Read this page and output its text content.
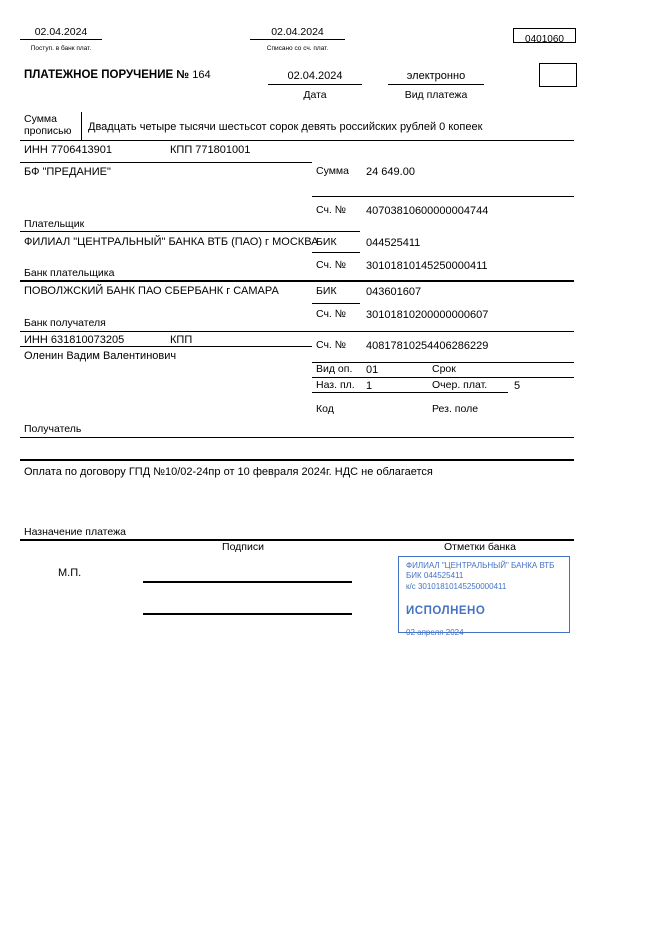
02.04.2024
Поступ. в банк плат.
02.04.2024
Списано со сч. плат.
0401060
ПЛАТЕЖНОЕ ПОРУЧЕНИЕ № 164	02.04.2024
Дата
электронно
Вид платежа
Сумма прописью	Двадцать четыре тысячи шестьсот сорок девять российских рублей 0 копеек
ИНН 7706413901	КПП 771801001
БФ "ПРЕДАНИЕ"
Плательщик
Сумма 24 649.00
Сч. № 40703810600000004744
ФИЛИАЛ "ЦЕНТРАЛЬНЫЙ" БАНКА ВТБ (ПАО) г МОСКВА
Банк плательщика
БИК	044525411
Сч. № 30101810145250000411
ПОВОЛЖСКИЙ БАНК ПАО СБЕРБАНК г САМАРА
Банк получателя
БИК	043601607
Сч. № 30101810200000000607
ИНН 631810073205	КПП
Оленин Вадим Валентинович
Получатель
Сч. № 40817810254406286229
Вид оп. 01	Срок
Наз. пл. 1	Очер. плат. 5
Код	Рез. поле
Оплата по договору ГПД №10/02-24пр от 10 февраля 2024г. НДС не облагается
Назначение платежа
Подписи	Отметки банка
М.П.
ФИЛИАЛ "ЦЕНТРАЛЬНЫЙ" БАНКА ВТБ
БИК 044525411
к/с 30101810145250000411
ИСПОЛНЕНО
02 апреля 2024
